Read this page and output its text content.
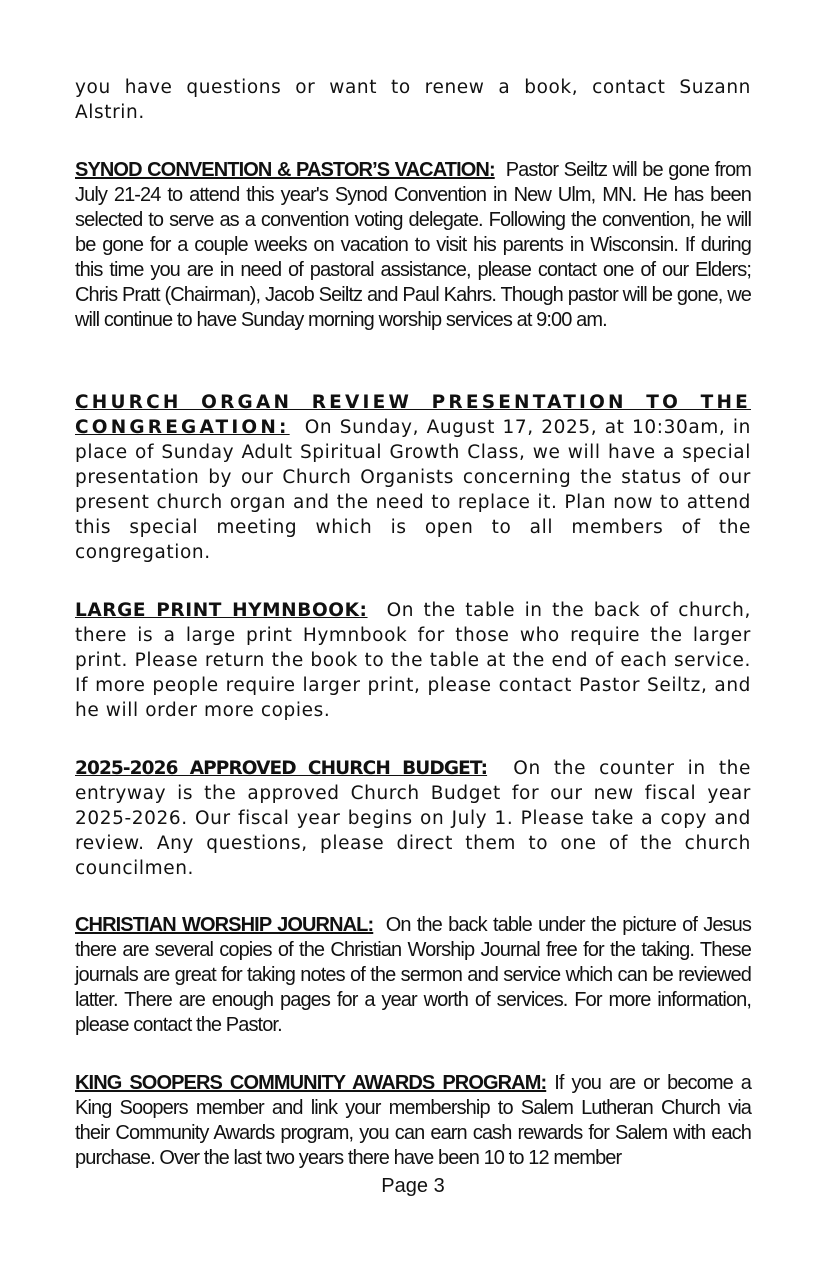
you have questions or want to renew a book, contact Suzann Alstrin.

SYNOD CONVENTION & PASTOR’S VACATION: Pastor Seiltz will be gone from July 21-24 to attend this year's Synod Convention in New Ulm, MN. He has been selected to serve as a convention voting delegate. Following the convention, he will be gone for a couple weeks on vacation to visit his parents in Wisconsin. If during this time you are in need of pastoral assistance, please contact one of our Elders; Chris Pratt (Chairman), Jacob Seiltz and Paul Kahrs. Though pastor will be gone, we will continue to have Sunday morning worship services at 9:00 am.

CHURCH ORGAN REVIEW PRESENTATION TO THE CONGREGATION: On Sunday, August 17, 2025, at 10:30am, in place of Sunday Adult Spiritual Growth Class, we will have a special presentation by our Church Organists concerning the status of our present church organ and the need to replace it. Plan now to attend this special meeting which is open to all members of the congregation.

LARGE PRINT HYMNBOOK: On the table in the back of church, there is a large print Hymnbook for those who require the larger print. Please return the book to the table at the end of each service. If more people require larger print, please contact Pastor Seiltz, and he will order more copies.

2025-2026 APPROVED CHURCH BUDGET: On the counter in the entryway is the approved Church Budget for our new fiscal year 2025-2026. Our fiscal year begins on July 1. Please take a copy and review. Any questions, please direct them to one of the church councilmen.

CHRISTIAN WORSHIP JOURNAL: On the back table under the picture of Jesus there are several copies of the Christian Worship Journal free for the taking. These journals are great for taking notes of the sermon and service which can be reviewed latter. There are enough pages for a year worth of services. For more information, please contact the Pastor.

KING SOOPERS COMMUNITY AWARDS PROGRAM: If you are or become a King Soopers member and link your membership to Salem Lutheran Church via their Community Awards program, you can earn cash rewards for Salem with each purchase. Over the last two years there have been 10 to 12 member

Page 3
